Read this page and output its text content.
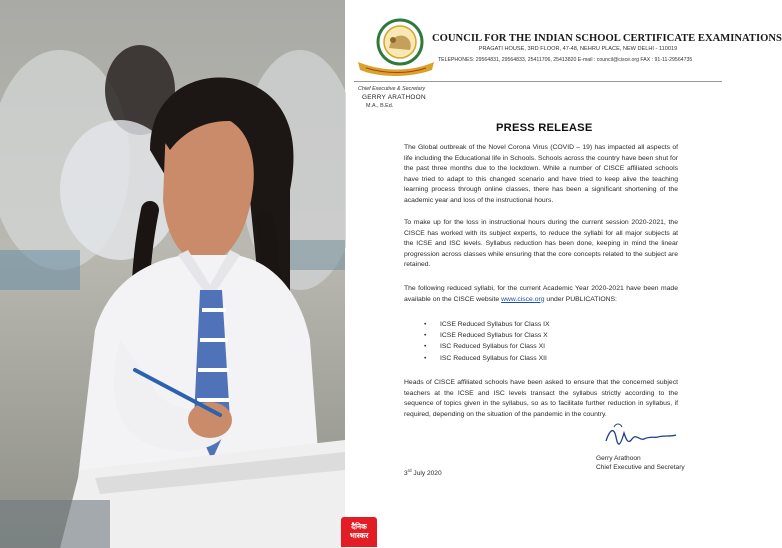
COUNCIL FOR THE INDIAN SCHOOL CERTIFICATE EXAMINATIONS
PRAGATI HOUSE, 3RD FLOOR, 47-48, NEHRU PLACE, NEW DELHI - 110019
TELEPHONES: 29564831, 29564833, 25411706, 25413820 E-mail : council@cisce.org FAX : 91-11-29564735
Chief Executive & Secretary
GERRY ARATHOON
M.A., B.Ed.
PRESS RELEASE
The Global outbreak of the Novel Corona Virus (COVID – 19) has impacted all aspects of life including the Educational life in Schools. Schools across the country have been shut for the past three months due to the lockdown. While a number of CISCE affiliated schools have tried to adapt to this changed scenario and have tried to keep alive the teaching learning process through online classes, there has been a significant shortening of the academic year and loss of the instructional hours.
To make up for the loss in instructional hours during the current session 2020-2021, the CISCE has worked with its subject experts, to reduce the syllabi for all major subjects at the ICSE and ISC levels. Syllabus reduction has been done, keeping in mind the linear progression across classes while ensuring that the core concepts related to the subject are retained.
The following reduced syllabi, for the current Academic Year 2020-2021 have been made available on the CISCE website www.cisce.org under PUBLICATIONS:
• ICSE Reduced Syllabus for Class IX
• ICSE Reduced Syllabus for Class X
• ISC Reduced Syllabus for Class XI
• ISC Reduced Syllabus for Class XII
Heads of CISCE affiliated schools have been asked to ensure that the concerned subject teachers at the ICSE and ISC levels transact the syllabus strictly according to the sequence of topics given in the syllabus, so as to facilitate further reduction in syllabus, if required, depending on the situation of the pandemic in the country.
Gerry Arathoon
Chief Executive and Secretary
3rd July 2020
दैनिक
भास्कर
